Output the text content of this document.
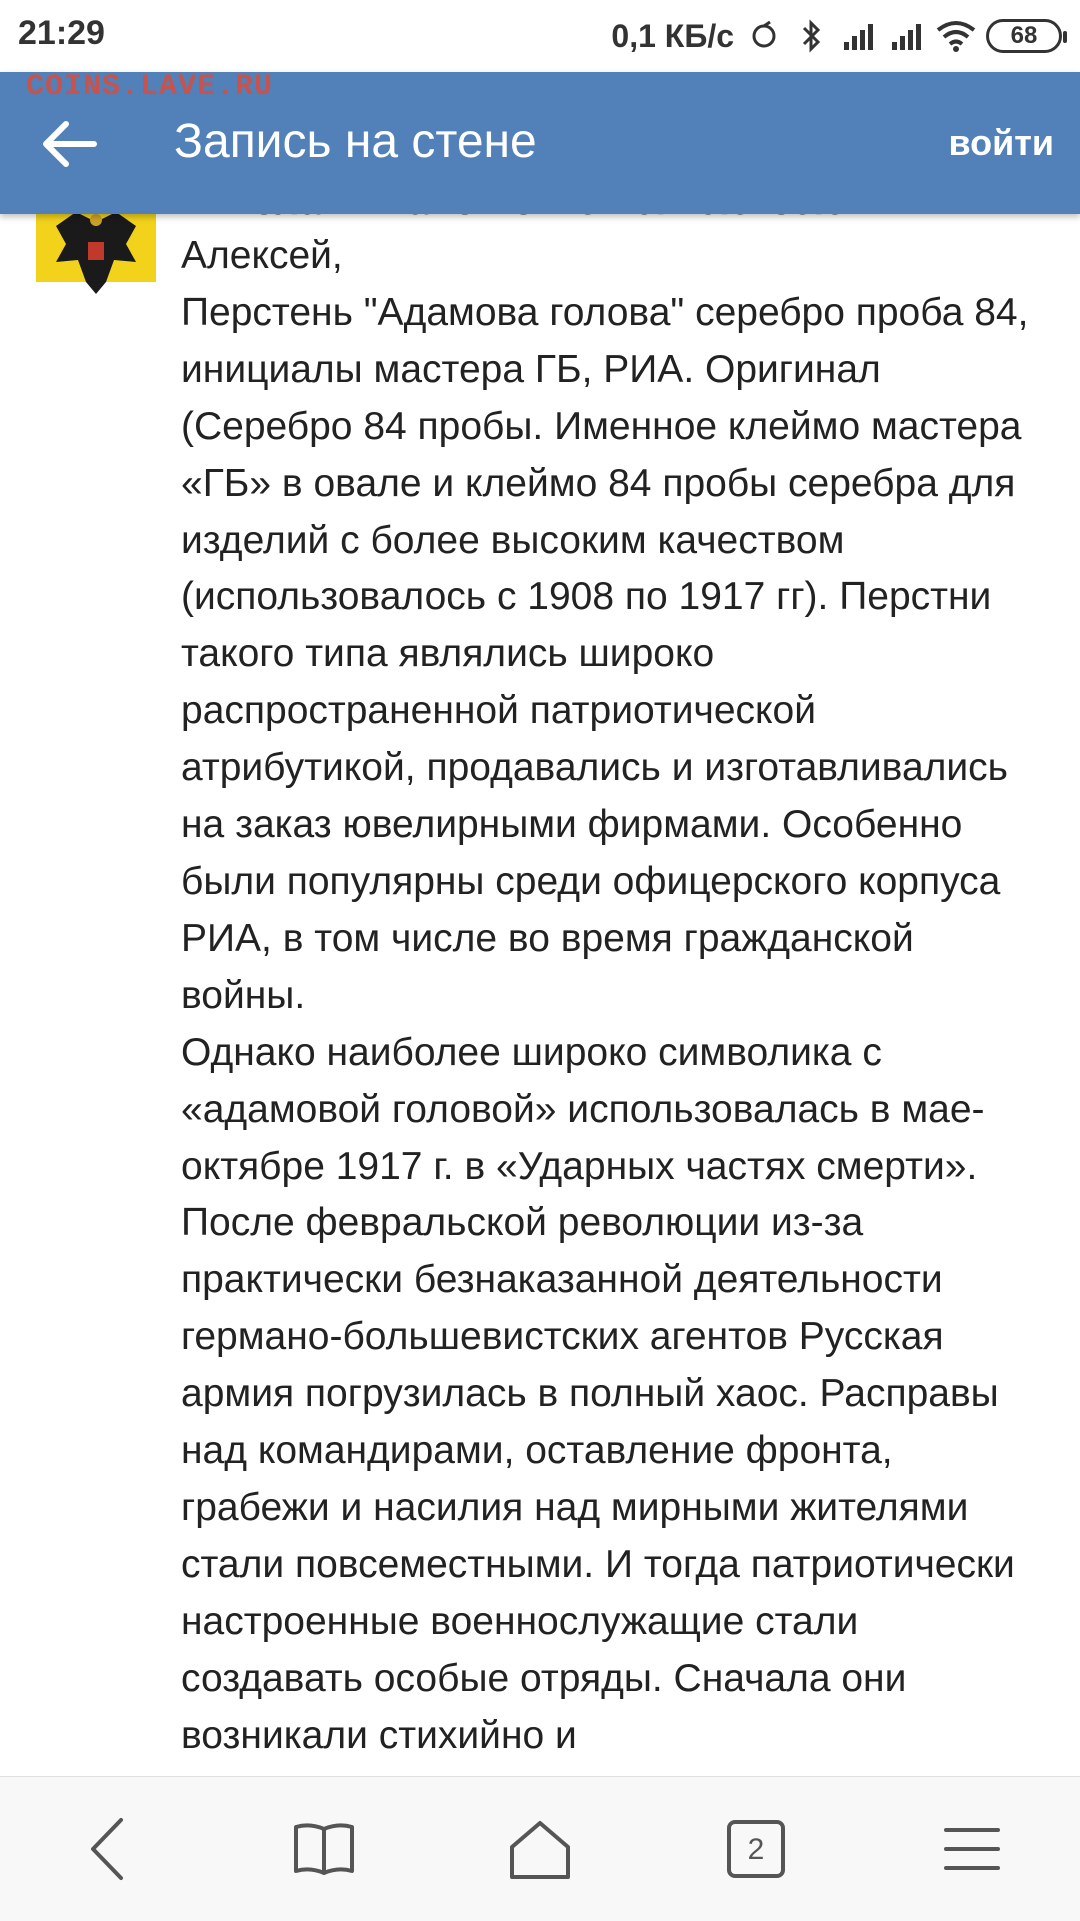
21:29	0,1 КБ/с	68
COINS.LAVE.RU
Запись на стене	войти

Алексей,

Перстень "Адамова голова" серебро проба 84, инициалы мастера ГБ, РИА. Оригинал (Серебро 84 пробы. Именное клеймо мастера «ГБ» в овале и клеймо 84 пробы серебра для изделий с более высоким качеством (использовалось с 1908 по 1917 гг). Перстни такого типа являлись широко распространенной патриотической атрибутикой, продавались и изготавливались на заказ ювелирными фирмами. Особенно были популярны среди офицерского корпуса РИА, в том числе во время гражданской войны.

Однако наиболее широко символика с «адамовой головой» использовалась в мае-октябре 1917 г. в «Ударных частях смерти». После февральской революции из-за практически безнаказанной деятельности германо-большевистских агентов Русская армия погрузилась в полный хаос. Расправы над командирами, оставление фронта, грабежи и насилия над мирными жителями стали повсеместными. И тогда патриотически настроенные военнослужащие стали создавать особые отряды. Сначала они возникали стихийно и

2
